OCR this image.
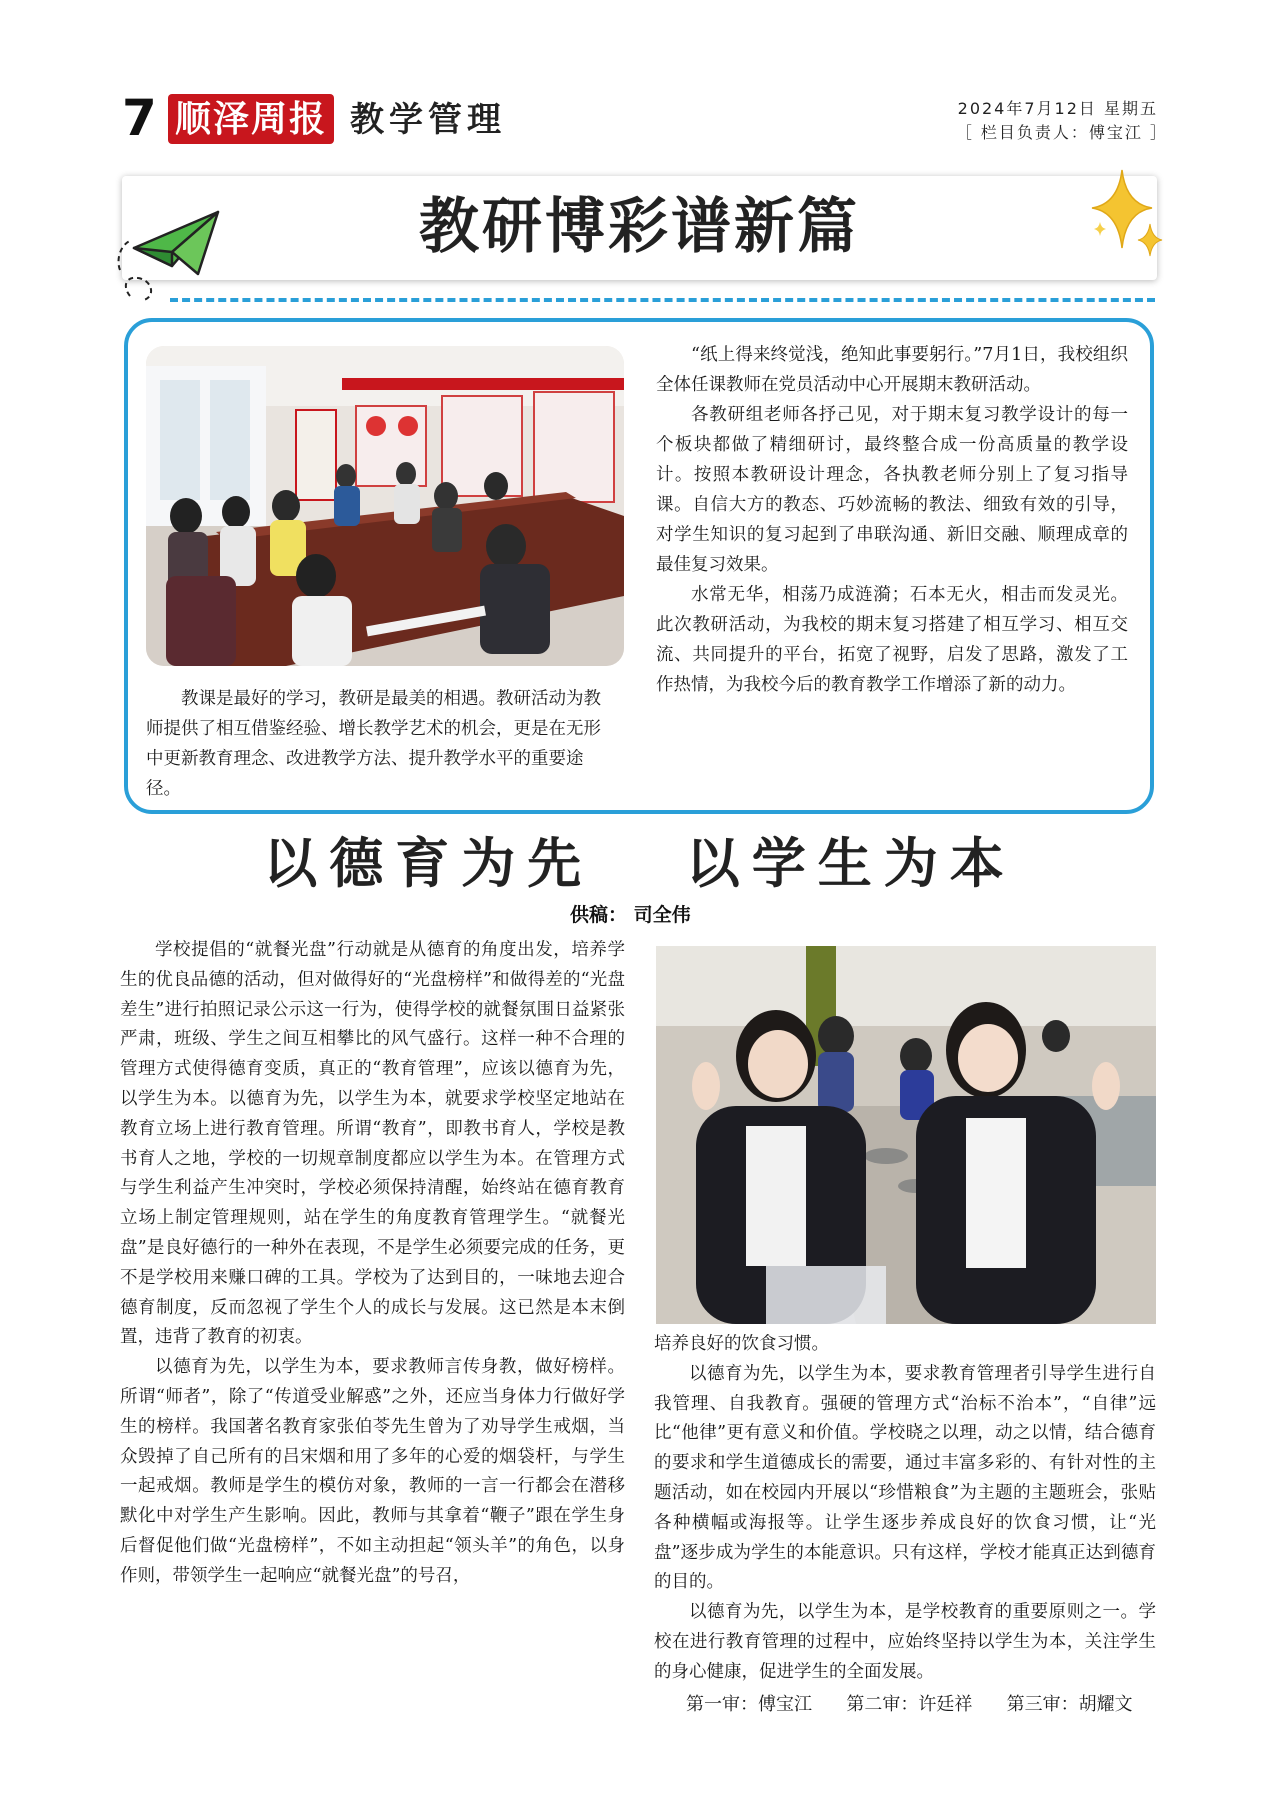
7 顺泽周报 教学管理	2024年7月12日 星期五
［ 栏目负责人：傅宝江 ］
教研博彩谱新篇

教课是最好的学习，教研是最美的相遇。教研活动为教师提供了相互借鉴经验、增长教学艺术的机会，更是在无形中更新教育理念、改进教学方法、提升教学水平的重要途径。

“纸上得来终觉浅，绝知此事要躬行。”7月1日，我校组织全体任课教师在党员活动中心开展期末教研活动。

各教研组老师各抒己见，对于期末复习教学设计的每一个板块都做了精细研讨，最终整合成一份高质量的教学设计。按照本教研设计理念，各执教老师分别上了复习指导课。自信大方的教态、巧妙流畅的教法、细致有效的引导，对学生知识的复习起到了串联沟通、新旧交融、顺理成章的最佳复习效果。

水常无华，相荡乃成涟漪；石本无火，相击而发灵光。此次教研活动，为我校的期末复习搭建了相互学习、相互交流、共同提升的平台，拓宽了视野，启发了思路，激发了工作热情，为我校今后的教育教学工作增添了新的动力。

以德育为先   以学生为本
供稿： 司全伟

学校提倡的“就餐光盘”行动就是从德育的角度出发，培养学生的优良品德的活动，但对做得好的“光盘榜样”和做得差的“光盘差生”进行拍照记录公示这一行为，使得学校的就餐氛围日益紧张严肃，班级、学生之间互相攀比的风气盛行。这样一种不合理的管理方式使得德育变质，真正的“教育管理”，应该以德育为先，以学生为本。以德育为先，以学生为本，就要求学校坚定地站在教育立场上进行教育管理。所谓“教育”，即教书育人，学校是教书育人之地，学校的一切规章制度都应以学生为本。在管理方式与学生利益产生冲突时，学校必须保持清醒，始终站在德育教育立场上制定管理规则，站在学生的角度教育管理学生。“就餐光盘”是良好德行的一种外在表现，不是学生必须要完成的任务，更不是学校用来赚口碑的工具。学校为了达到目的，一味地去迎合德育制度，反而忽视了学生个人的成长与发展。这已然是本末倒置，违背了教育的初衷。

以德育为先，以学生为本，要求教师言传身教，做好榜样。所谓“师者”，除了“传道受业解惑”之外，还应当身体力行做好学生的榜样。我国著名教育家张伯苓先生曾为了劝导学生戒烟，当众毁掉了自己所有的吕宋烟和用了多年的心爱的烟袋杆，与学生一起戒烟。教师是学生的模仿对象，教师的一言一行都会在潜移默化中对学生产生影响。因此，教师与其拿着“鞭子”跟在学生身后督促他们做“光盘榜样”，不如主动担起“领头羊”的角色，以身作则，带领学生一起响应“就餐光盘”的号召，

培养良好的饮食习惯。

以德育为先，以学生为本，要求教育管理者引导学生进行自我管理、自我教育。强硬的管理方式“治标不治本”，“自律”远比“他律”更有意义和价值。学校晓之以理，动之以情，结合德育的要求和学生道德成长的需要，通过丰富多彩的、有针对性的主题活动，如在校园内开展以“珍惜粮食”为主题的主题班会，张贴各种横幅或海报等。让学生逐步养成良好的饮食习惯，让“光盘”逐步成为学生的本能意识。只有这样，学校才能真正达到德育的目的。

以德育为先，以学生为本，是学校教育的重要原则之一。学校在进行教育管理的过程中，应始终坚持以学生为本，关注学生的身心健康，促进学生的全面发展。

第一审：傅宝江      第二审：许廷祥      第三审：胡耀文
